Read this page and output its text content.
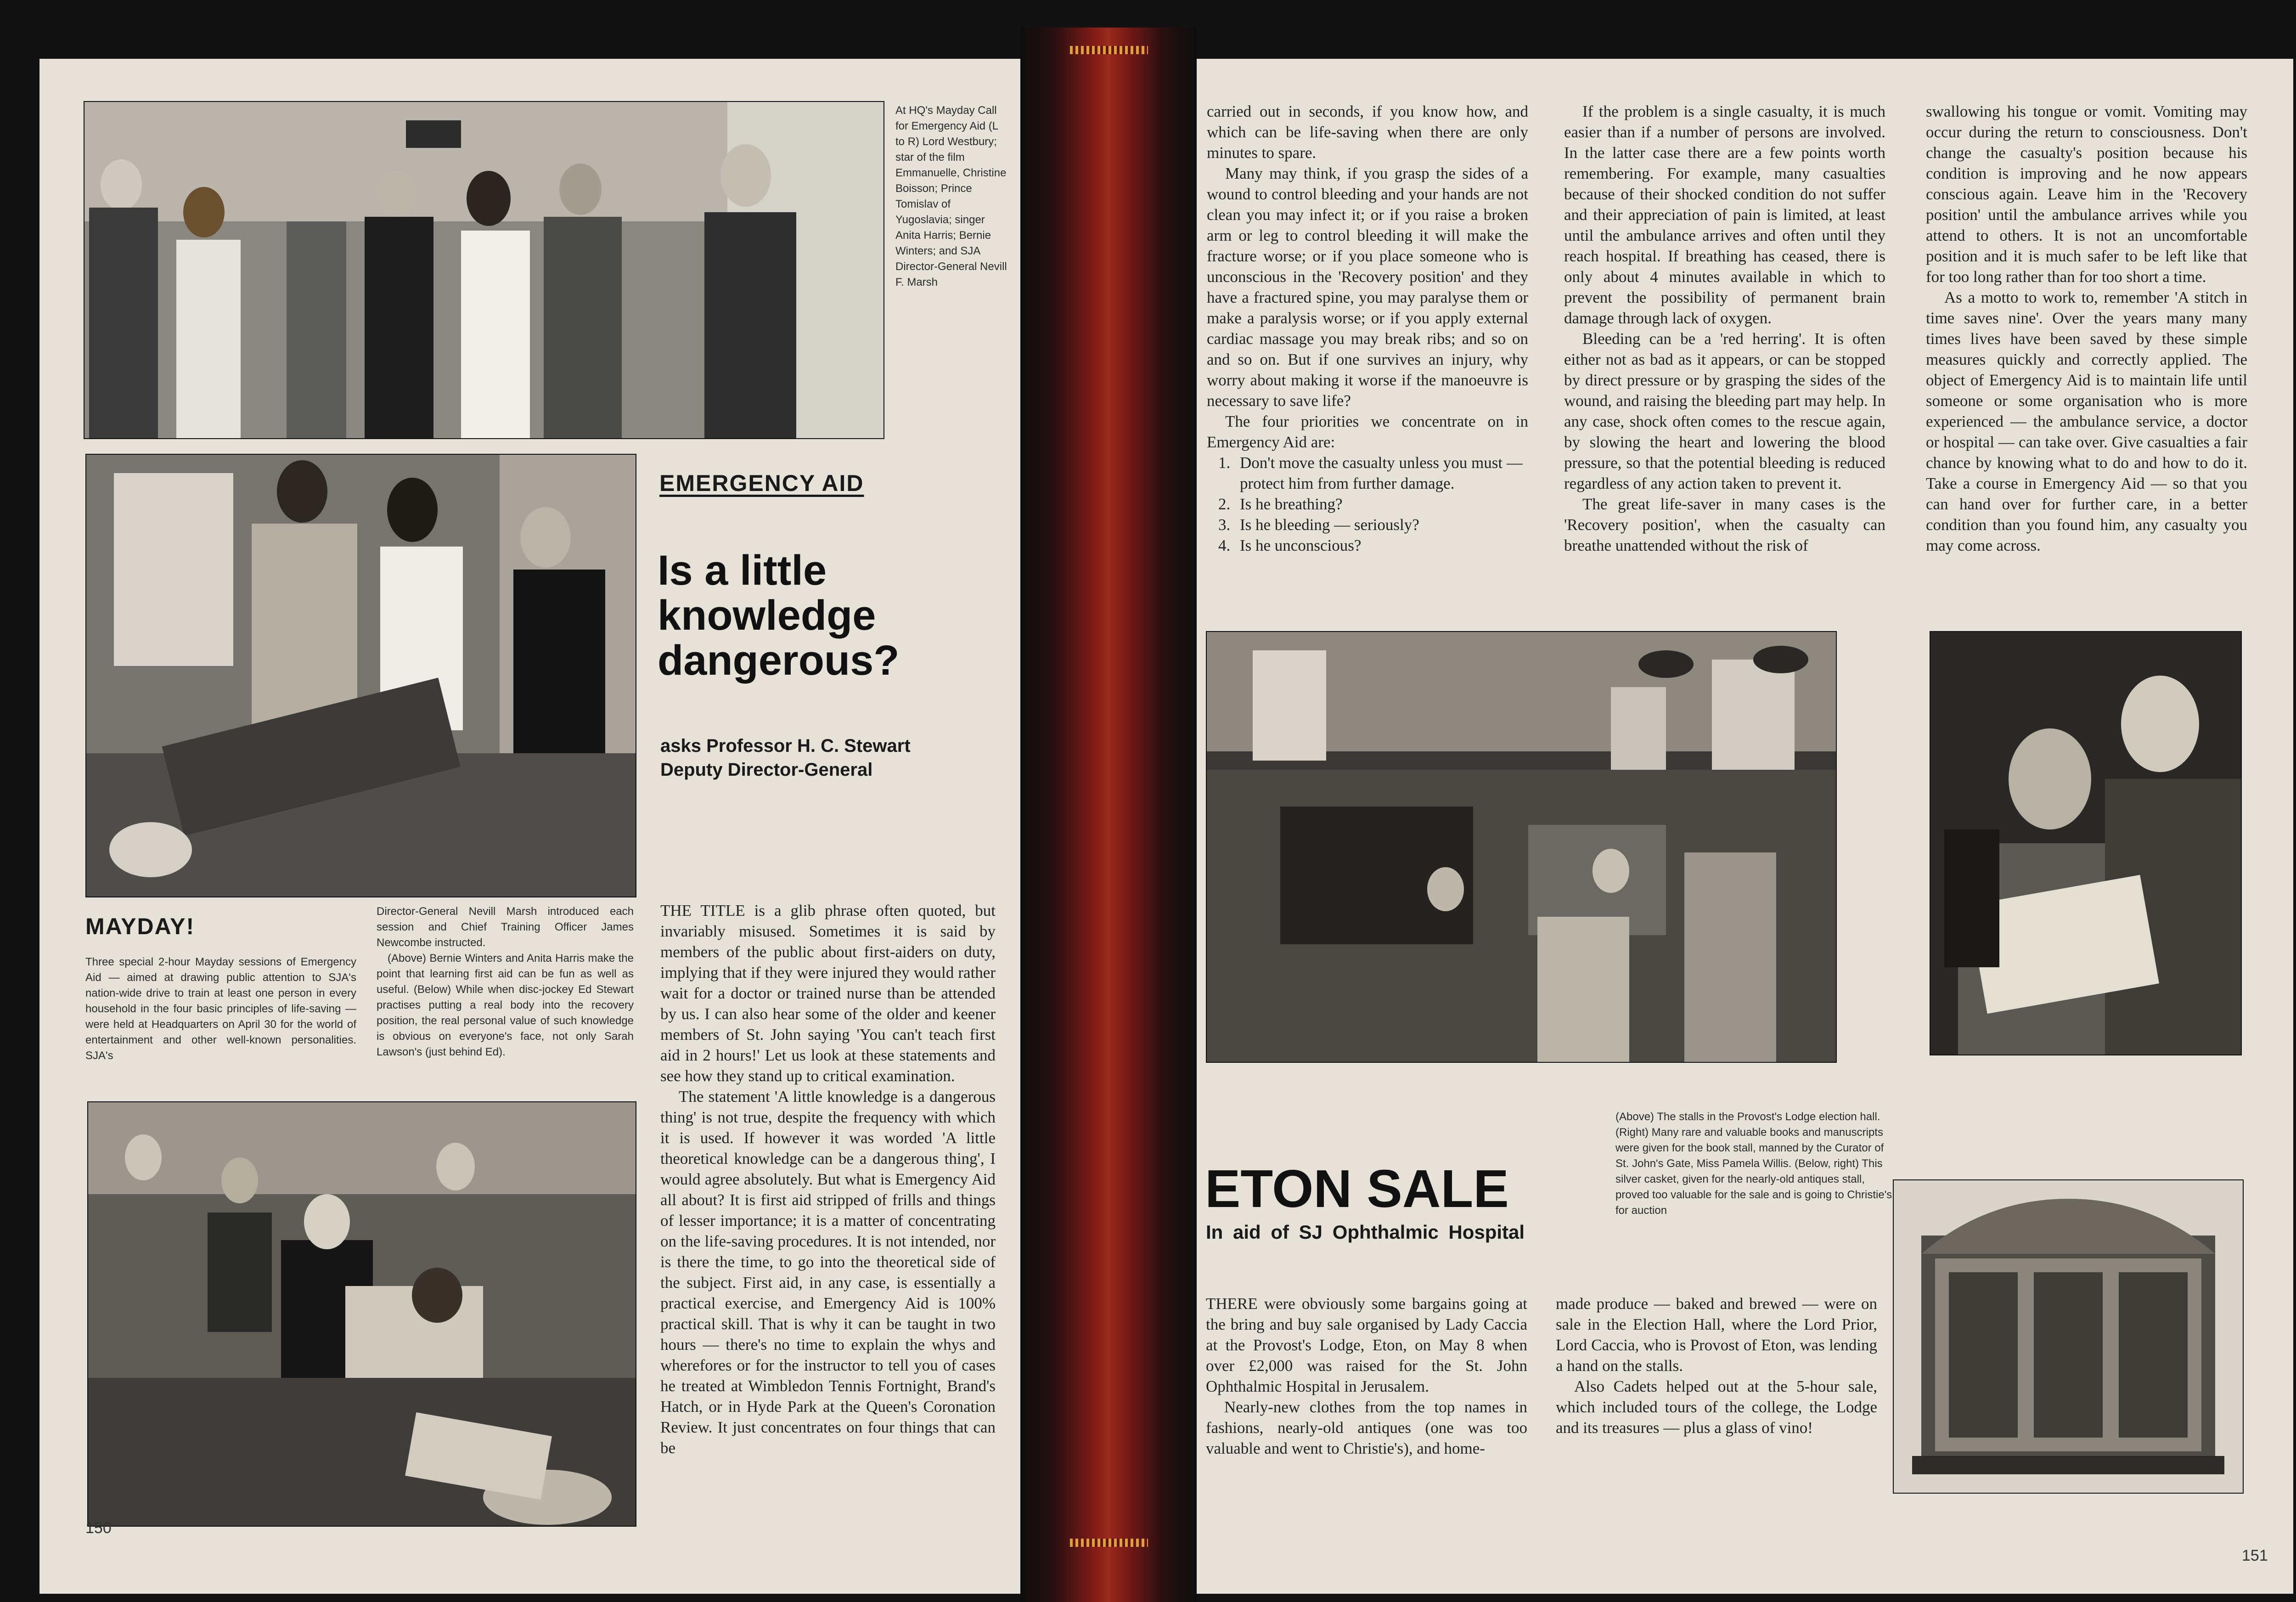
At HQ's Mayday Call for Emergency Aid (L to R) Lord Westbury; star of the film Emmanuelle, Christine Boisson; Prince Tomislav of Yugoslavia; singer Anita Harris; Bernie Winters; and SJA Director-General Nevill F. Marsh

EMERGENCY AID
Is a little knowledge dangerous?
asks Professor H. C. Stewart
Deputy Director-General
MAYDAY!

Three special 2-hour Mayday sessions of Emergency Aid — aimed at drawing public attention to SJA's nation-wide drive to train at least one person in every household in the four basic principles of life-saving — were held at Headquarters on April 30 for the world of entertainment and other well-known personalities. SJA's

Director-General Nevill Marsh introduced each session and Chief Training Officer James Newcombe instructed.

(Above) Bernie Winters and Anita Harris make the point that learning first aid can be fun as well as useful. (Below) While when disc-jockey Ed Stewart practises putting a real body into the recovery position, the real personal value of such knowledge is obvious on everyone's face, not only Sarah Lawson's (just behind Ed).

THE TITLE is a glib phrase often quoted, but invariably misused. Sometimes it is said by members of the public about first-aiders on duty, implying that if they were injured they would rather wait for a doctor or trained nurse than be attended by us. I can also hear some of the older and keener members of St. John saying 'You can't teach first aid in 2 hours!' Let us look at these statements and see how they stand up to critical examination.

The statement 'A little knowledge is a dangerous thing' is not true, despite the frequency with which it is used. If however it was worded 'A little theoretical knowledge can be a dangerous thing', I would agree absolutely. But what is Emergency Aid all about? It is first aid stripped of frills and things of lesser importance; it is a matter of concentrating on the life-saving procedures. It is not intended, nor is there the time, to go into the theoretical side of the subject. First aid, in any case, is essentially a practical exercise, and Emergency Aid is 100% practical skill. That is why it can be taught in two hours — there's no time to explain the whys and wherefores or for the instructor to tell you of cases he treated at Wimbledon Tennis Fortnight, Brand's Hatch, or in Hyde Park at the Queen's Coronation Review. It just concentrates on four things that can be

150

carried out in seconds, if you know how, and which can be life-saving when there are only minutes to spare.

Many may think, if you grasp the sides of a wound to control bleeding and your hands are not clean you may infect it; or if you raise a broken arm or leg to control bleeding it will make the fracture worse; or if you place someone who is unconscious in the 'Recovery position' and they have a fractured spine, you may paralyse them or make a paralysis worse; or if you apply external cardiac massage you may break ribs; and so on and so on. But if one survives an injury, why worry about making it worse if the manoeuvre is necessary to save life?

The four priorities we concentrate on in Emergency Aid are:

1. Don't move the casualty unless you must — protect him from further damage.
2. Is he breathing?
3. Is he bleeding — seriously?
4. Is he unconscious?

If the problem is a single casualty, it is much easier than if a number of persons are involved. In the latter case there are a few points worth remembering. For example, many casualties because of their shocked condition do not suffer and their appreciation of pain is limited, at least until the ambulance arrives and often until they reach hospital. If breathing has ceased, there is only about 4 minutes available in which to prevent the possibility of permanent brain damage through lack of oxygen.

Bleeding can be a 'red herring'. It is often either not as bad as it appears, or can be stopped by direct pressure or by grasping the sides of the wound, and raising the bleeding part may help. In any case, shock often comes to the rescue again, by slowing the heart and lowering the blood pressure, so that the potential bleeding is reduced regardless of any action taken to prevent it.

The great life-saver in many cases is the 'Recovery position', when the casualty can breathe unattended without the risk of

swallowing his tongue or vomit. Vomiting may occur during the return to consciousness. Don't change the casualty's position because his condition is improving and he now appears conscious again. Leave him in the 'Recovery position' until the ambulance arrives while you attend to others. It is not an uncomfortable position and it is much safer to be left like that for too long rather than for too short a time.

As a motto to work to, remember 'A stitch in time saves nine'. Over the years many many times lives have been saved by these simple measures quickly and correctly applied. The object of Emergency Aid is to maintain life until someone or some organisation who is more experienced — the ambulance service, a doctor or hospital — can take over. Give casualties a fair chance by knowing what to do and how to do it. Take a course in Emergency Aid — so that you can hand over for further care, in a better condition than you found him, any casualty you may come across.

(Above) The stalls in the Provost's Lodge election hall. (Right) Many rare and valuable books and manuscripts were given for the book stall, manned by the Curator of St. John's Gate, Miss Pamela Willis. (Below, right) This silver casket, given for the nearly-old antiques stall, proved too valuable for the sale and is going to Christie's for auction

ETON SALE
In aid of SJ Ophthalmic Hospital

THERE were obviously some bargains going at the bring and buy sale organised by Lady Caccia at the Provost's Lodge, Eton, on May 8 when over £2,000 was raised for the St. John Ophthalmic Hospital in Jerusalem.

Nearly-new clothes from the top names in fashions, nearly-old antiques (one was too valuable and went to Christie's), and home-

made produce — baked and brewed — were on sale in the Election Hall, where the Lord Prior, Lord Caccia, who is Provost of Eton, was lending a hand on the stalls.

Also Cadets helped out at the 5-hour sale, which included tours of the college, the Lodge and its treasures — plus a glass of vino!

151
